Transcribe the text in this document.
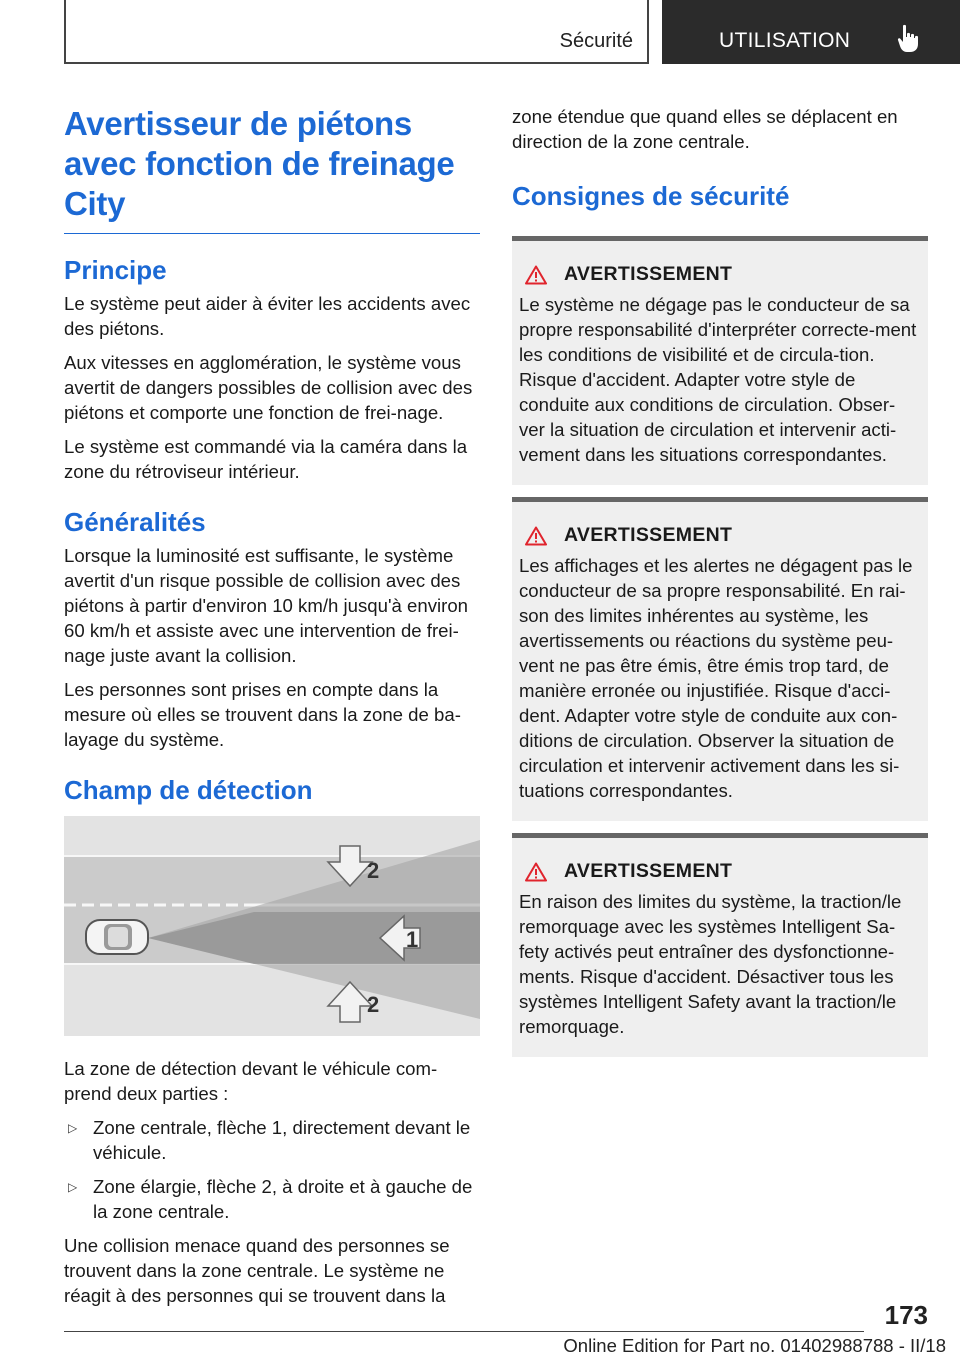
Sécurité	UTILISATION
Avertisseur de piétons avec fonction de freinage City
Principe

Le système peut aider à éviter les accidents avec des piétons.

Aux vitesses en agglomération, le système vous avertit de dangers possibles de collision avec des piétons et comporte une fonction de frei-nage.

Le système est commandé via la caméra dans la zone du rétroviseur intérieur.

Généralités

Lorsque la luminosité est suffisante, le système avertit d'un risque possible de collision avec des piétons à partir d'environ 10 km/h jusqu'à environ 60 km/h et assiste avec une intervention de frei-nage juste avant la collision.

Les personnes sont prises en compte dans la mesure où elles se trouvent dans la zone de ba-layage du système.

Champ de détection
2
1
2

La zone de détection devant le véhicule com-prend deux parties :

▷ Zone centrale, flèche 1, directement devant le véhicule.
▷ Zone élargie, flèche 2, à droite et à gauche de la zone centrale.

Une collision menace quand des personnes se trouvent dans la zone centrale. Le système ne réagit à des personnes qui se trouvent dans la

zone étendue que quand elles se déplacent en direction de la zone centrale.

Consignes de sécurité
AVERTISSEMENT

Le système ne dégage pas le conducteur de sa propre responsabilité d'interpréter correcte-ment les conditions de visibilité et de circula-tion. Risque d'accident. Adapter votre style de conduite aux conditions de circulation. Obser-ver la situation de circulation et intervenir acti-vement dans les situations correspondantes.

AVERTISSEMENT

Les affichages et les alertes ne dégagent pas le conducteur de sa propre responsabilité. En rai-son des limites inhérentes au système, les avertissements ou réactions du système peu-vent ne pas être émis, être émis trop tard, de manière erronée ou injustifiée. Risque d'acci-dent. Adapter votre style de conduite aux con-ditions de circulation. Observer la situation de circulation et intervenir activement dans les si-tuations correspondantes.

AVERTISSEMENT

En raison des limites du système, la traction/le remorquage avec les systèmes Intelligent Sa-fety activés peut entraîner des dysfonctionne-ments. Risque d'accident. Désactiver tous les systèmes Intelligent Safety avant la traction/le remorquage.

173
Online Edition for Part no. 01402988788 - II/18
